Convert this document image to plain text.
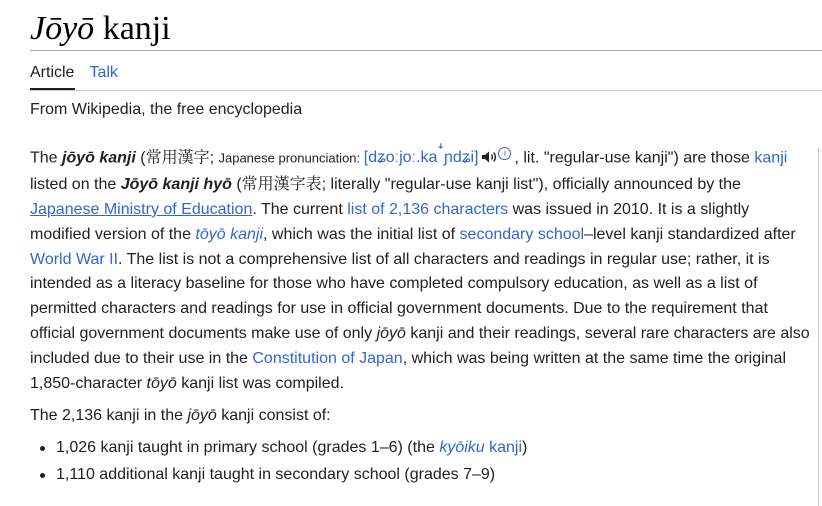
Jōyō kanji
Article Talk
From Wikipedia, the free encyclopedia

The jōyō kanji (常用漢字; Japanese pronunciation: $[dʑoːjoː.ka^ꜜɲdʑi]$	i , lit. "regular-use kanji") are those kanji listed on the Jōyō kanji hyō (常用漢字表; literally "regular-use kanji list"), officially announced by the Japanese Ministry of Education. The current list of 2,136 characters was issued in 2010. It is a slightly modified version of the tōyō kanji, which was the initial list of secondary school–level kanji standardized after World War II. The list is not a comprehensive list of all characters and readings in regular use; rather, it is intended as a literacy baseline for those who have completed compulsory education, as well as a list of permitted characters and readings for use in official government documents. Due to the requirement that official government documents make use of only jōyō kanji and their readings, several rare characters are also included due to their use in the Constitution of Japan, which was being written at the same time the original 1,850-character tōyō kanji list was compiled.

The 2,136 kanji in the jōyō kanji consist of:
1,026 kanji taught in primary school (grades 1–6) (the kyōiku kanji)
1,110 additional kanji taught in secondary school (grades 7–9)
